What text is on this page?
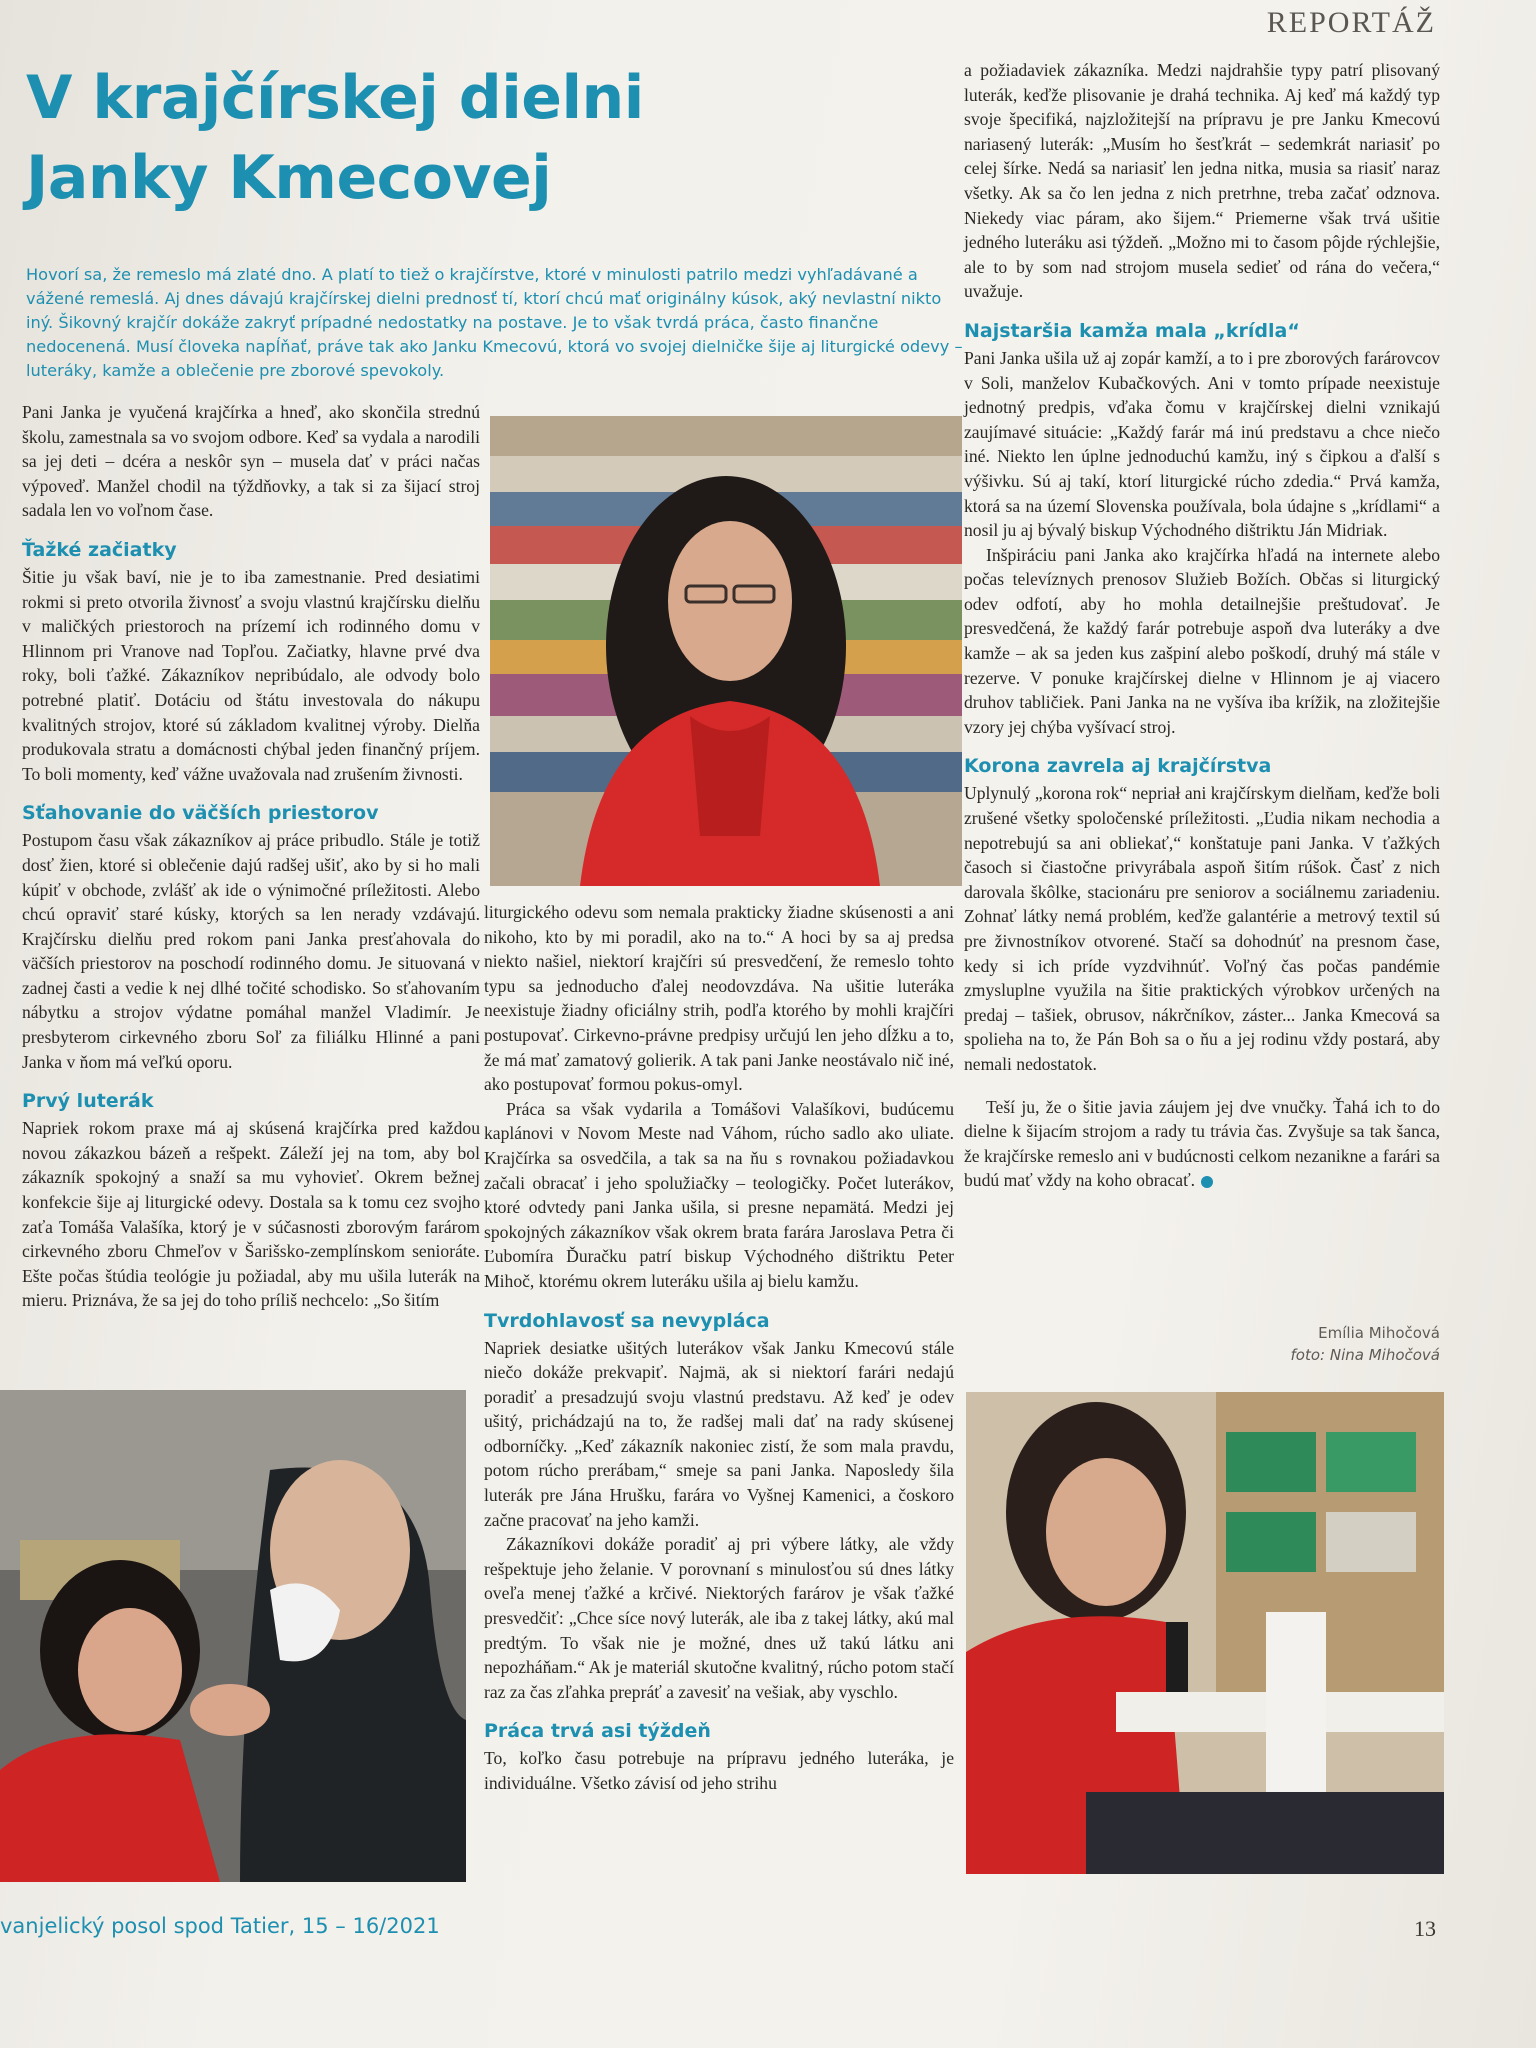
REPORTÁŽ
V krajčírskej dielni
Janky Kmecovej

Hovorí sa, že remeslo má zlaté dno. A platí to tiež o krajčírstve, ktoré v minulosti patrilo medzi vyhľadávané a vážené remeslá. Aj dnes dávajú krajčírskej dielni prednosť tí, ktorí chcú mať originálny kúsok, aký nevlastní nikto iný. Šikovný krajčír dokáže zakryť prípadné nedostatky na postave. Je to však tvrdá práca, často finančne nedocenená. Musí človeka napĺňať, práve tak ako Janku Kmecovú, ktorá vo svojej dielničke šije aj liturgické odevy – luteráky, kamže a oblečenie pre zborové spevokoly.

Pani Janka je vyučená krajčírka a hneď, ako skončila strednú školu, zamestnala sa vo svojom odbore. Keď sa vydala a narodili sa jej deti – dcéra a neskôr syn – musela dať v práci načas výpoveď. Manžel chodil na týždňovky, a tak si za šijací stroj sadala len vo voľnom čase.

Ťažké začiatky

Šitie ju však baví, nie je to iba zamestnanie. Pred desiatimi rokmi si preto otvorila živnosť a svoju vlastnú krajčírsku dielňu v maličkých priestoroch na prízemí ich rodinného domu v Hlinnom pri Vranove nad Topľou. Začiatky, hlavne prvé dva roky, boli ťažké. Zákazníkov nepribúdalo, ale odvody bolo potrebné platiť. Dotáciu od štátu investovala do nákupu kvalitných strojov, ktoré sú základom kvalitnej výroby. Dielňa produkovala stratu a domácnosti chýbal jeden finančný príjem. To boli momenty, keď vážne uvažovala nad zrušením živnosti.

Sťahovanie do väčších priestorov

Postupom času však zákazníkov aj práce pribudlo. Stále je totiž dosť žien, ktoré si oblečenie dajú radšej ušiť, ako by si ho mali kúpiť v obchode, zvlášť ak ide o výnimočné príležitosti. Alebo chcú opraviť staré kúsky, ktorých sa len nerady vzdávajú. Krajčírsku dielňu pred rokom pani Janka presťahovala do väčších priestorov na poschodí rodinného domu. Je situovaná v zadnej časti a vedie k nej dlhé točité schodisko. So sťahovaním nábytku a strojov výdatne pomáhal manžel Vladimír. Je presbyterom cirkevného zboru Soľ za filiálku Hlinné a pani Janka v ňom má veľkú oporu.

Prvý luterák

Napriek rokom praxe má aj skúsená krajčírka pred každou novou zákazkou bázeň a rešpekt. Záleží jej na tom, aby bol zákazník spokojný a snaží sa mu vyhovieť. Okrem bežnej konfekcie šije aj liturgické odevy. Dostala sa k tomu cez svojho zaťa Tomáša Valašíka, ktorý je v súčasnosti zborovým farárom cirkevného zboru Chmeľov v Šarišsko-zemplínskom senioráte. Ešte počas štúdia teológie ju požiadal, aby mu ušila luterák na mieru. Priznáva, že sa jej do toho príliš nechcelo: „So šitím

liturgického odevu som nemala prakticky žiadne skúsenosti a ani nikoho, kto by mi poradil, ako na to.“ A hoci by sa aj predsa niekto našiel, niektorí krajčíri sú presvedčení, že remeslo tohto typu sa jednoducho ďalej neodovzdáva. Na ušitie luteráka neexistuje žiadny oficiálny strih, podľa ktorého by mohli krajčíri postupovať. Cirkevno-právne predpisy určujú len jeho dĺžku a to, že má mať zamatový golierik. A tak pani Janke neostávalo nič iné, ako postupovať formou pokus-omyl.

Práca sa však vydarila a Tomášovi Valašíkovi, budúcemu kaplánovi v Novom Meste nad Váhom, rúcho sadlo ako uliate. Krajčírka sa osvedčila, a tak sa na ňu s rovnakou požiadavkou začali obracať i jeho spolužiačky – teologičky. Počet luterákov, ktoré odvtedy pani Janka ušila, si presne nepamätá. Medzi jej spokojných zákazníkov však okrem brata farára Jaroslava Petra či Ľubomíra Ďuračku patrí biskup Východného dištriktu Peter Mihoč, ktorému okrem luteráku ušila aj bielu kamžu.

Tvrdohlavosť sa nevypláca

Napriek desiatke ušitých luterákov však Janku Kmecovú stále niečo dokáže prekvapiť. Najmä, ak si niektorí farári nedajú poradiť a presadzujú svoju vlastnú predstavu. Až keď je odev ušitý, prichádzajú na to, že radšej mali dať na rady skúsenej odborníčky. „Keď zákazník nakoniec zistí, že som mala pravdu, potom rúcho prerábam,“ smeje sa pani Janka. Naposledy šila luterák pre Jána Hrušku, farára vo Vyšnej Kamenici, a čoskoro začne pracovať na jeho kamži.

Zákazníkovi dokáže poradiť aj pri výbere látky, ale vždy rešpektuje jeho želanie. V porovnaní s minulosťou sú dnes látky oveľa menej ťažké a krčivé. Niektorých farárov je však ťažké presvedčiť: „Chce síce nový luterák, ale iba z takej látky, akú mal predtým. To však nie je možné, dnes už takú látku ani nepozháňam.“ Ak je materiál skutočne kvalitný, rúcho potom stačí raz za čas zľahka prepráť a zavesiť na vešiak, aby vyschlo.

Práca trvá asi týždeň

To, koľko času potrebuje na prípravu jedného luteráka, je individuálne. Všetko závisí od jeho strihu

a požiadaviek zákazníka. Medzi najdrahšie typy patrí plisovaný luterák, keďže plisovanie je drahá technika. Aj keď má každý typ svoje špecifiká, najzložitejší na prípravu je pre Janku Kmecovú nariasený luterák: „Musím ho šesťkrát – sedemkrát nariasiť po celej šírke. Nedá sa nariasiť len jedna nitka, musia sa riasiť naraz všetky. Ak sa čo len jedna z nich pretrhne, treba začať odznova. Niekedy viac páram, ako šijem.“ Priemerne však trvá ušitie jedného luteráku asi týždeň. „Možno mi to časom pôjde rýchlejšie, ale to by som nad strojom musela sedieť od rána do večera,“ uvažuje.

Najstaršia kamža mala „krídla“

Pani Janka ušila už aj zopár kamží, a to i pre zborových farárovcov v Soli, manželov Kubačkových. Ani v tomto prípade neexistuje jednotný predpis, vďaka čomu v krajčírskej dielni vznikajú zaujímavé situácie: „Každý farár má inú predstavu a chce niečo iné. Niekto len úplne jednoduchú kamžu, iný s čipkou a ďalší s výšivku. Sú aj takí, ktorí liturgické rúcho zdedia.“ Prvá kamža, ktorá sa na území Slovenska používala, bola údajne s „krídlami“ a nosil ju aj bývalý biskup Východného dištriktu Ján Midriak.

Inšpiráciu pani Janka ako krajčírka hľadá na internete alebo počas televíznych prenosov Služieb Božích. Občas si liturgický odev odfotí, aby ho mohla detailnejšie preštudovať. Je presvedčená, že každý farár potrebuje aspoň dva luteráky a dve kamže – ak sa jeden kus zašpiní alebo poškodí, druhý má stále v rezerve. V ponuke krajčírskej dielne v Hlinnom je aj viacero druhov tabličiek. Pani Janka na ne vyšíva iba krížik, na zložitejšie vzory jej chýba vyšívací stroj.

Korona zavrela aj krajčírstva

Uplynulý „korona rok“ nepriał ani krajčírskym dielňam, keďže boli zrušené všetky spoločenské príležitosti. „Ľudia nikam nechodia a nepotrebujú sa ani obliekať,“ konštatuje pani Janka. V ťažkých časoch si čiastočne privyrábala aspoň šitím rúšok. Časť z nich darovala škôlke, stacionáru pre seniorov a sociálnemu zariadeniu. Zohnať látky nemá problém, keďže galantérie a metrový textil sú pre živnostníkov otvorené. Stačí sa dohodnúť na presnom čase, kedy si ich príde vyzdvihnúť. Voľný čas počas pandémie zmysluplne využila na šitie praktických výrobkov určených na predaj – tašiek, obrusov, nákrčníkov, záster... Janka Kmecová sa spolieha na to, že Pán Boh sa o ňu a jej rodinu vždy postará, aby nemali nedostatok.

Teší ju, že o šitie javia záujem jej dve vnučky. Ťahá ich to do dielne k šijacím strojom a rady tu trávia čas. Zvyšuje sa tak šanca, že krajčírske remeslo ani v budúcnosti celkom nezanikne a farári sa budú mať vždy na koho obracať.

Emília Mihočová
foto: Nina Mihočová
vanjelický posol spod Tatier, 15 – 16/2021	13
